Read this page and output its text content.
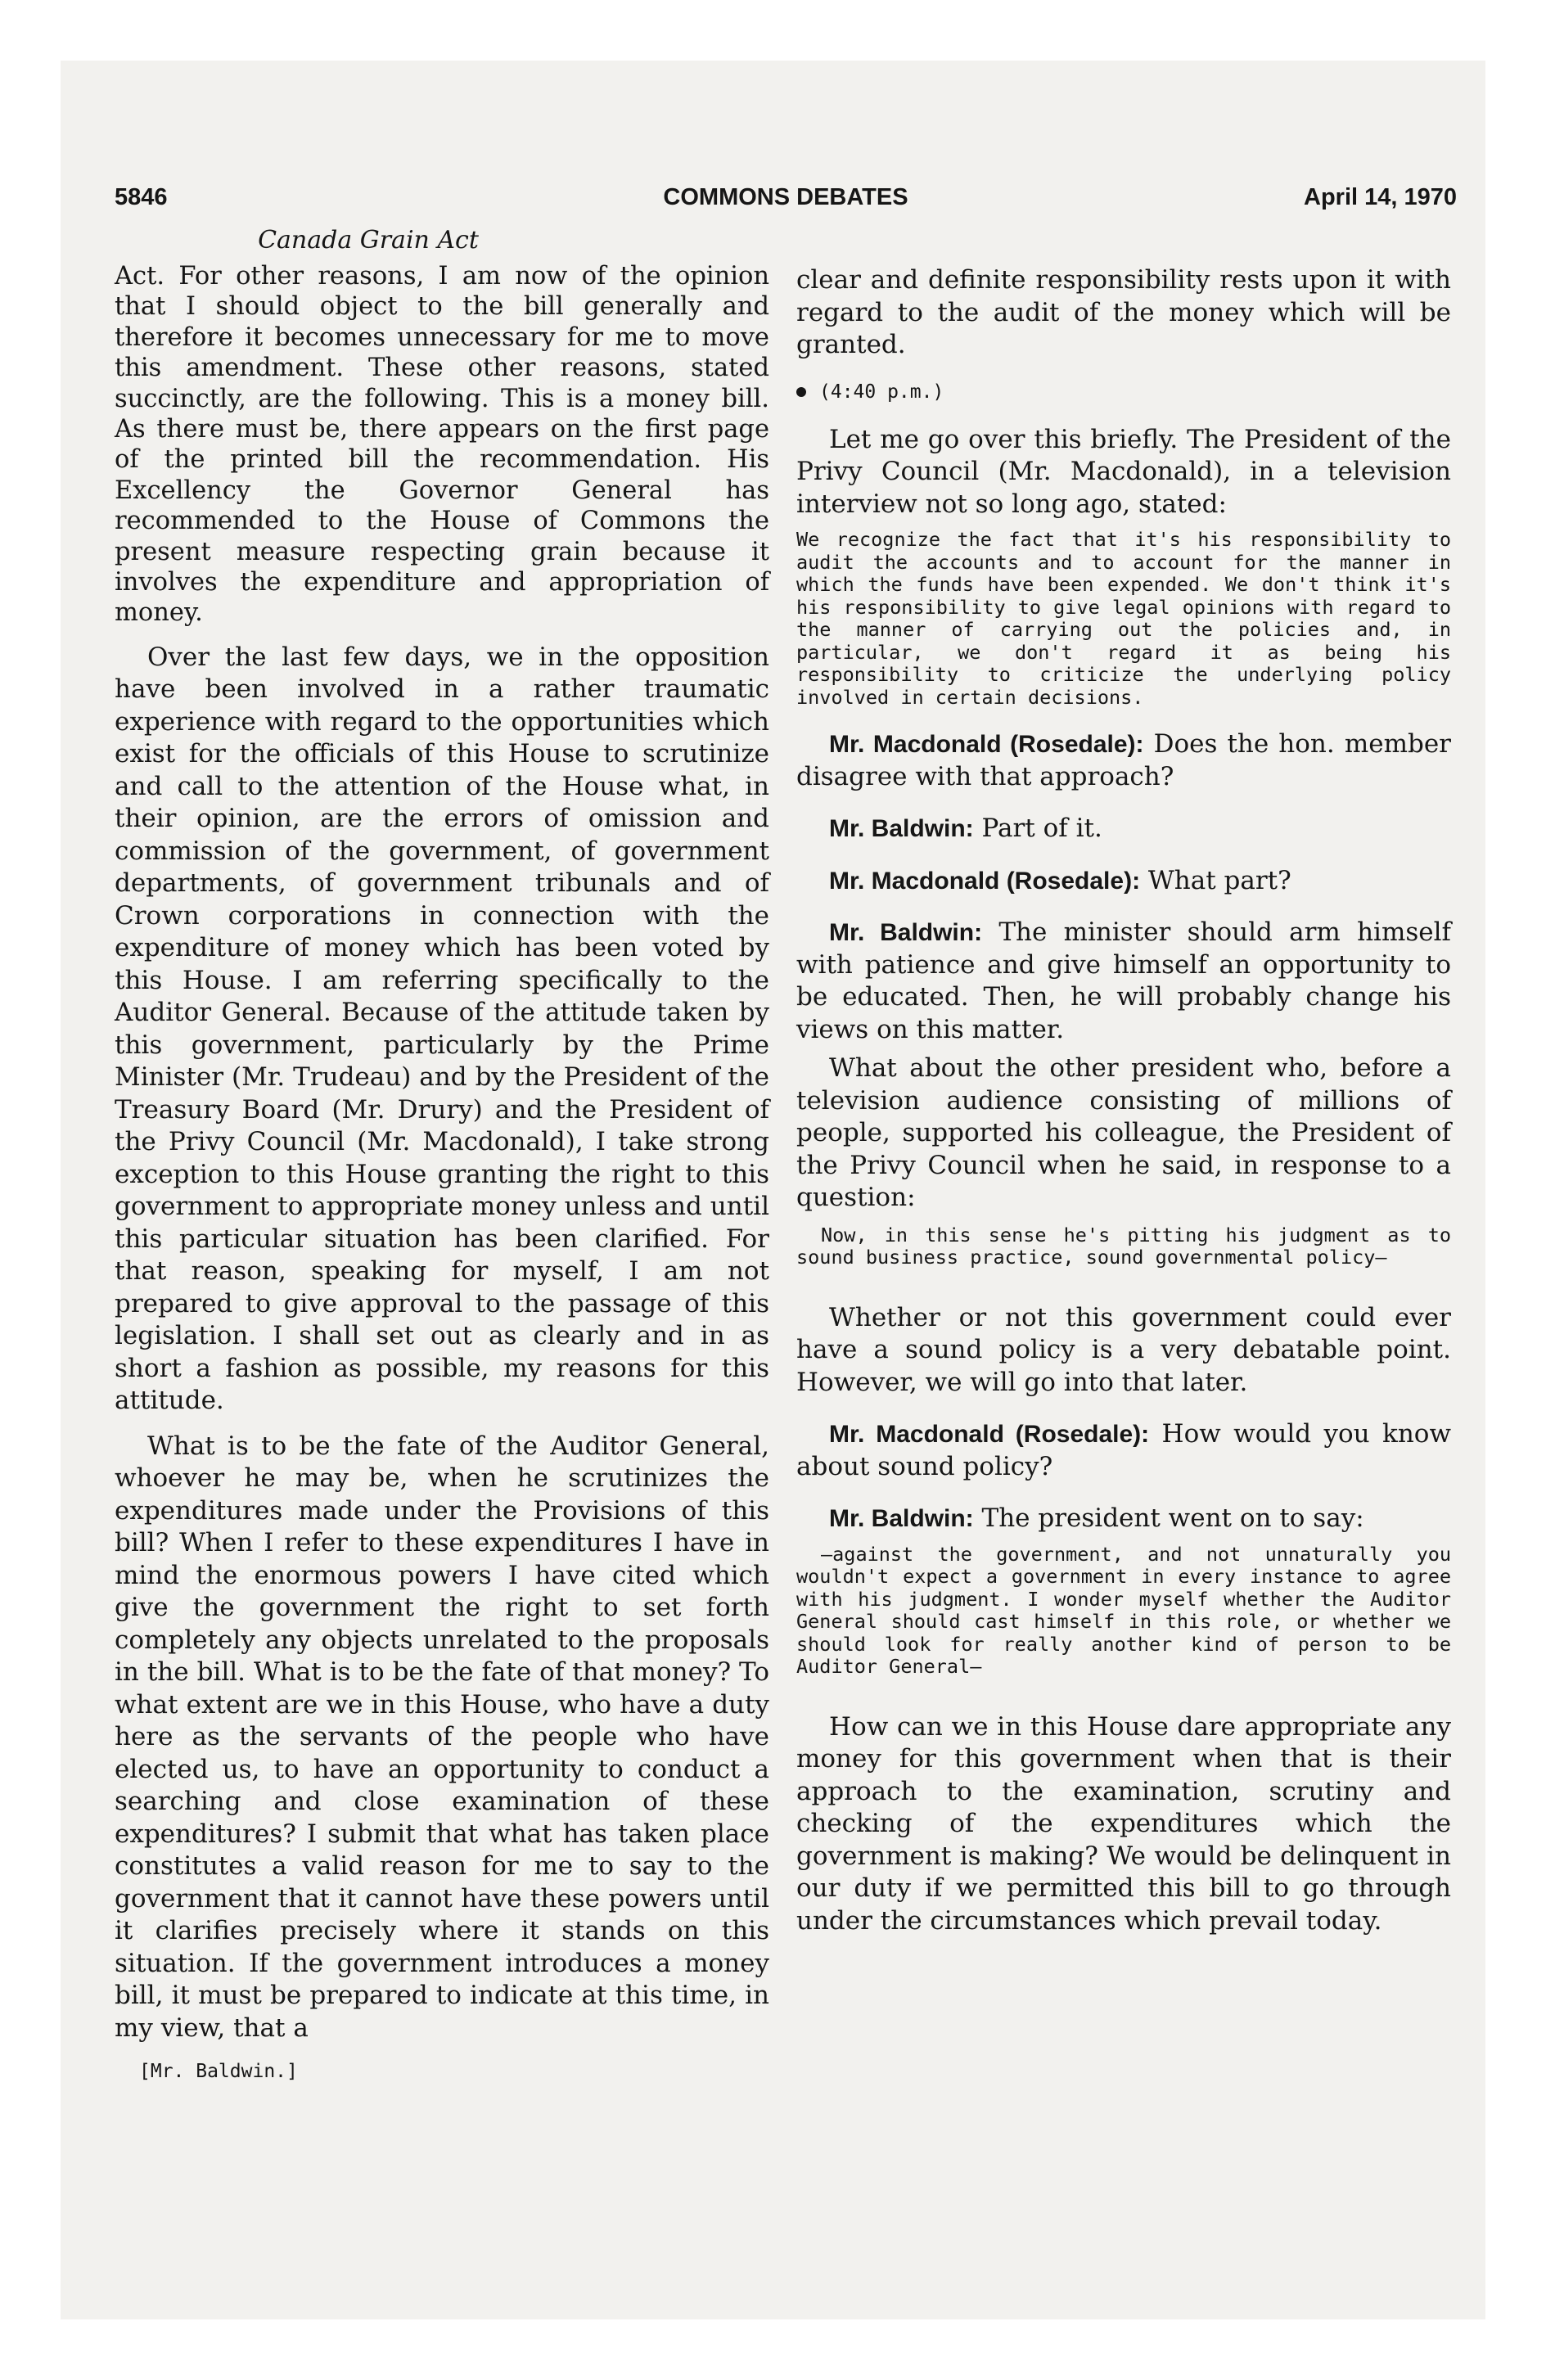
5846	COMMONS DEBATES	April 14, 1970
Canada Grain Act

Act. For other reasons, I am now of the opinion that I should object to the bill generally and therefore it becomes unnecessary for me to move this amendment. These other reasons, stated succinctly, are the following. This is a money bill. As there must be, there appears on the first page of the printed bill the recommendation. His Excellency the Governor General has recommended to the House of Commons the present measure respecting grain because it involves the expenditure and appropriation of money.

Over the last few days, we in the opposition have been involved in a rather traumatic experience with regard to the opportunities which exist for the officials of this House to scrutinize and call to the attention of the House what, in their opinion, are the errors of omission and commission of the government, of government departments, of government tribunals and of Crown corporations in connection with the expenditure of money which has been voted by this House. I am referring specifically to the Auditor General. Because of the attitude taken by this government, particularly by the Prime Minister (Mr. Trudeau) and by the President of the Treasury Board (Mr. Drury) and the President of the Privy Council (Mr. Macdonald), I take strong exception to this House granting the right to this government to appropriate money unless and until this particular situation has been clarified. For that reason, speaking for myself, I am not prepared to give approval to the passage of this legislation. I shall set out as clearly and in as short a fashion as possible, my reasons for this attitude.

What is to be the fate of the Auditor General, whoever he may be, when he scrutinizes the expenditures made under the Provisions of this bill? When I refer to these expenditures I have in mind the enormous powers I have cited which give the government the right to set forth completely any objects unrelated to the proposals in the bill. What is to be the fate of that money? To what extent are we in this House, who have a duty here as the servants of the people who have elected us, to have an opportunity to conduct a searching and close examination of these expenditures? I submit that what has taken place constitutes a valid reason for me to say to the government that it cannot have these powers until it clarifies precisely where it stands on this situation. If the government introduces a money bill, it must be prepared to indicate at this time, in my view, that a

[Mr. Baldwin.]

clear and definite responsibility rests upon it with regard to the audit of the money which will be granted.

(4:40 p.m.)

Let me go over this briefly. The President of the Privy Council (Mr. Macdonald), in a television interview not so long ago, stated:

We recognize the fact that it's his responsibility to audit the accounts and to account for the manner in which the funds have been expended. We don't think it's his responsibility to give legal opinions with regard to the manner of carrying out the policies and, in particular, we don't regard it as being his responsibility to criticize the underlying policy involved in certain decisions.

Mr. Macdonald (Rosedale): Does the hon. member disagree with that approach?

Mr. Baldwin: Part of it.

Mr. Macdonald (Rosedale): What part?

Mr. Baldwin: The minister should arm himself with patience and give himself an opportunity to be educated. Then, he will probably change his views on this matter.

What about the other president who, before a television audience consisting of millions of people, supported his colleague, the President of the Privy Council when he said, in response to a question:

Now, in this sense he's pitting his judgment as to sound business practice, sound governmental policy—

Whether or not this government could ever have a sound policy is a very debatable point. However, we will go into that later.

Mr. Macdonald (Rosedale): How would you know about sound policy?

Mr. Baldwin: The president went on to say:

—against the government, and not unnaturally you wouldn't expect a government in every instance to agree with his judgment. I wonder myself whether the Auditor General should cast himself in this role, or whether we should look for really another kind of person to be Auditor General—

How can we in this House dare appropriate any money for this government when that is their approach to the examination, scrutiny and checking of the expenditures which the government is making? We would be delinquent in our duty if we permitted this bill to go through under the circumstances which prevail today.
